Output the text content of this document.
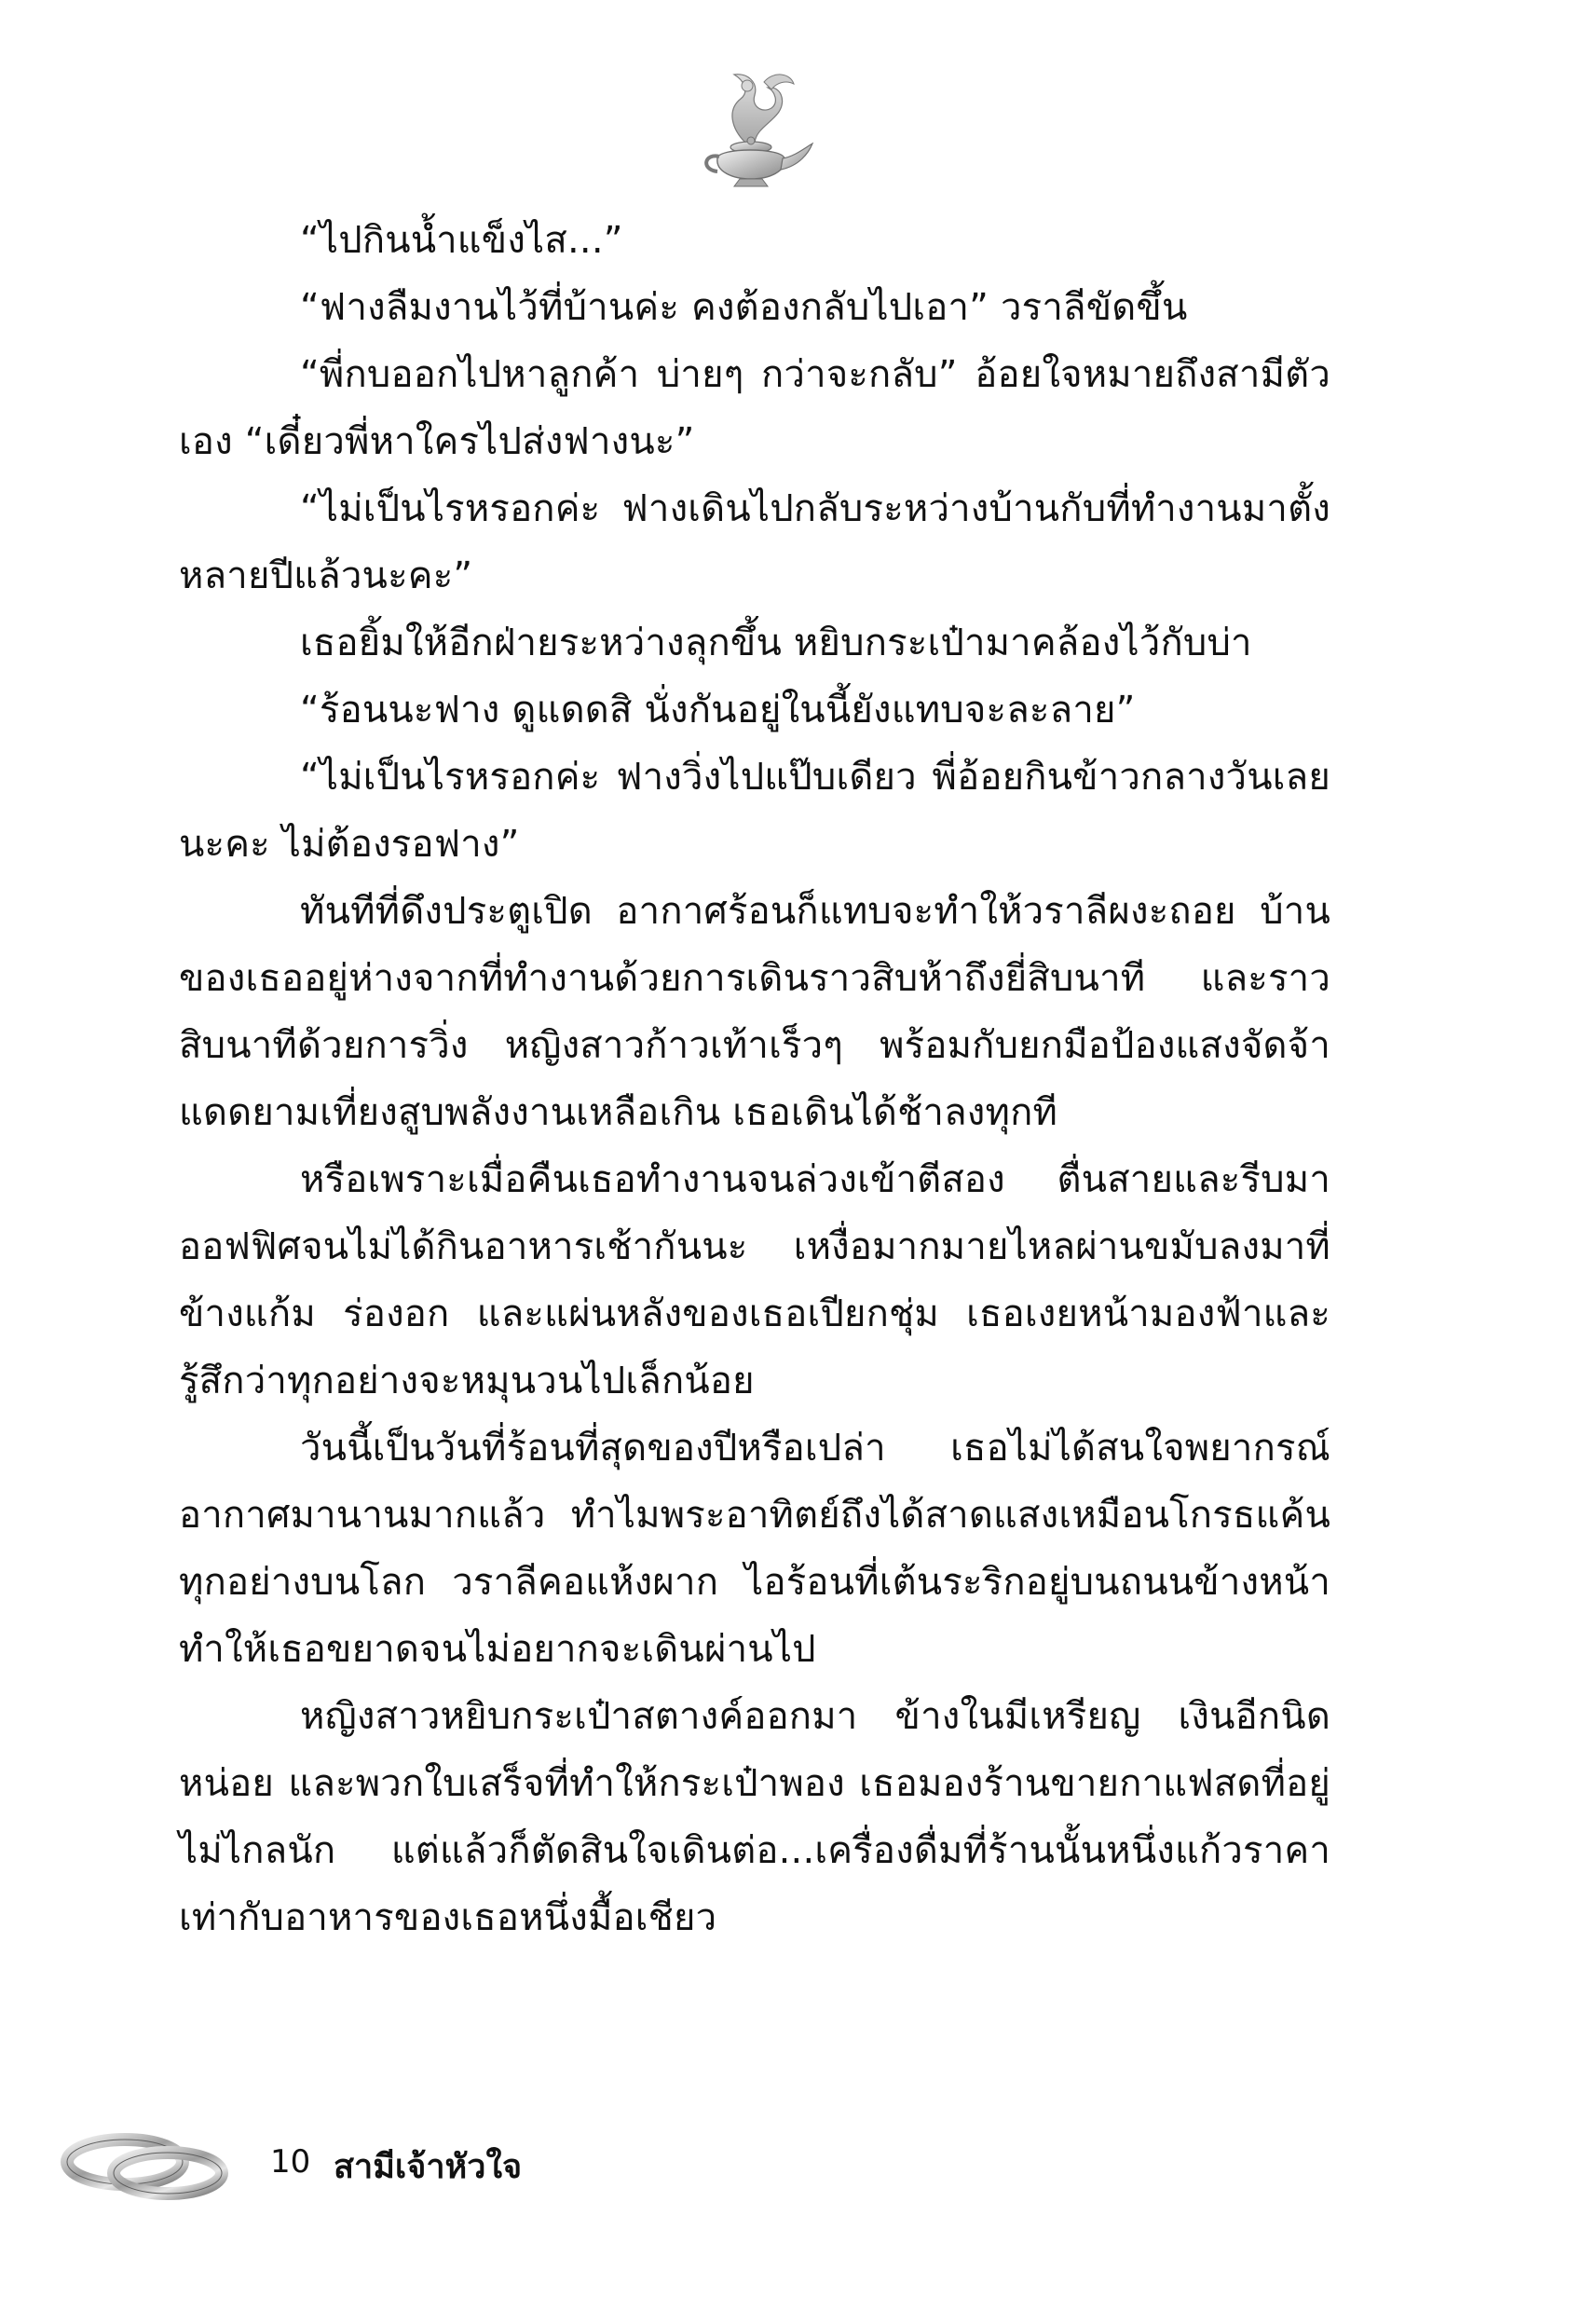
“ไปกินน้ำแข็งไส...”

“ฟางลืมงานไว้ที่บ้านค่ะ คงต้องกลับไปเอา” วราลีขัดขึ้น

“พี่กบออกไปหาลูกค้า บ่ายๆ กว่าจะกลับ” อ้อยใจหมายถึงสามีตัวเอง “เดี๋ยวพี่หาใครไปส่งฟางนะ”

“ไม่เป็นไรหรอกค่ะ ฟางเดินไปกลับระหว่างบ้านกับที่ทำงานมาตั้งหลายปีแล้วนะคะ”

เธอยิ้มให้อีกฝ่ายระหว่างลุกขึ้น หยิบกระเป๋ามาคล้องไว้กับบ่า

“ร้อนนะฟาง ดูแดดสิ นั่งกันอยู่ในนี้ยังแทบจะละลาย”

“ไม่เป็นไรหรอกค่ะ ฟางวิ่งไปแป๊บเดียว พี่อ้อยกินข้าวกลางวันเลยนะคะ ไม่ต้องรอฟาง”

ทันทีที่ดึงประตูเปิด อากาศร้อนก็แทบจะทำให้วราลีผงะถอย บ้านของเธออยู่ห่างจากที่ทำงานด้วยการเดินราวสิบห้าถึงยี่สิบนาที และราวสิบนาทีด้วยการวิ่ง หญิงสาวก้าวเท้าเร็วๆ พร้อมกับยกมือป้องแสงจัดจ้าแดดยามเที่ยงสูบพลังงานเหลือเกิน เธอเดินได้ช้าลงทุกที

หรือเพราะเมื่อคืนเธอทำงานจนล่วงเข้าตีสอง ตื่นสายและรีบมาออฟฟิศจนไม่ได้กินอาหารเช้ากันนะ เหงื่อมากมายไหลผ่านขมับลงมาที่ข้างแก้ม ร่องอก และแผ่นหลังของเธอเปียกชุ่ม เธอเงยหน้ามองฟ้าและรู้สึกว่าทุกอย่างจะหมุนวนไปเล็กน้อย

วันนี้เป็นวันที่ร้อนที่สุดของปีหรือเปล่า เธอไม่ได้สนใจพยากรณ์อากาศมานานมากแล้ว ทำไมพระอาทิตย์ถึงได้สาดแสงเหมือนโกรธแค้นทุกอย่างบนโลก วราลีคอแห้งผาก ไอร้อนที่เต้นระริกอยู่บนถนนข้างหน้าทำให้เธอขยาดจนไม่อยากจะเดินผ่านไป

หญิงสาวหยิบกระเป๋าสตางค์ออกมา ข้างในมีเหรียญ เงินอีกนิดหน่อย และพวกใบเสร็จที่ทำให้กระเป๋าพอง เธอมองร้านขายกาแฟสดที่อยู่ไม่ไกลนัก แต่แล้วก็ตัดสินใจเดินต่อ...เครื่องดื่มที่ร้านนั้นหนึ่งแก้วราคาเท่ากับอาหารของเธอหนึ่งมื้อเชียว

10 สามีเจ้าหัวใจ
